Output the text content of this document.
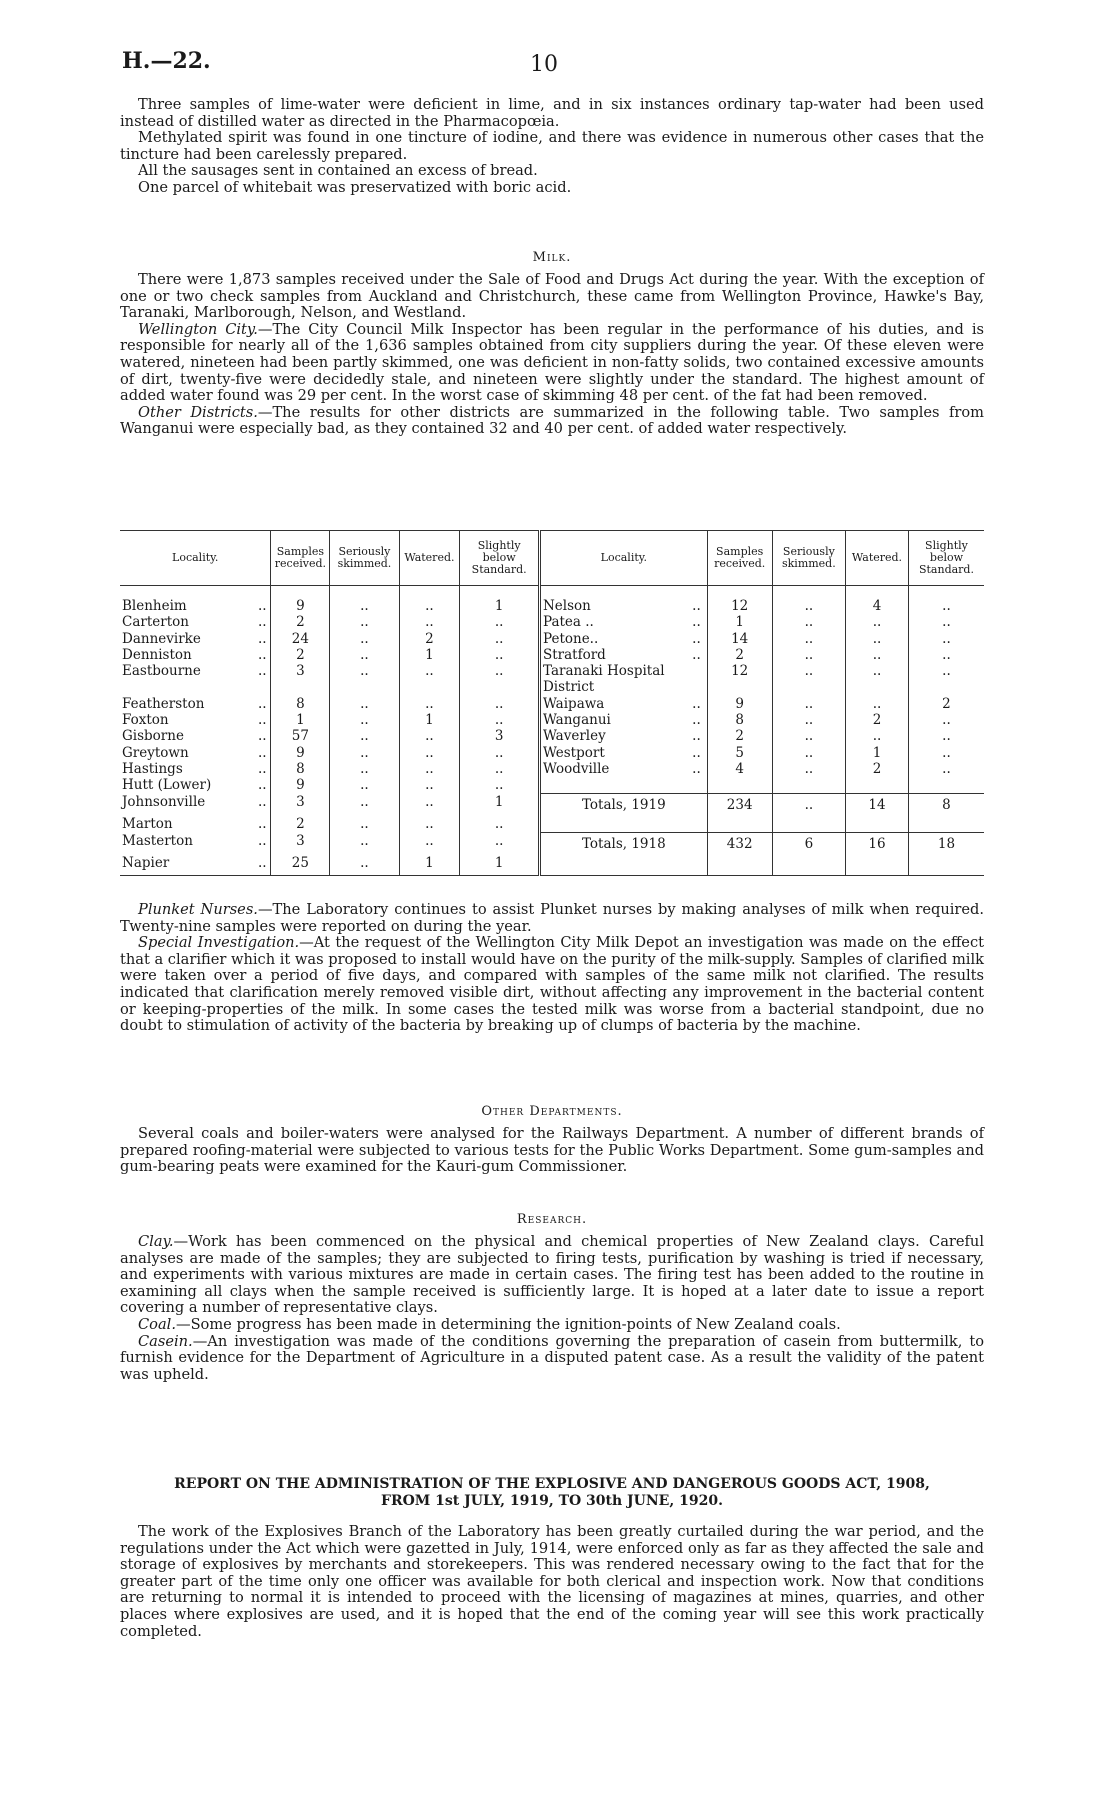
H.—22.	10

Three samples of lime-water were deficient in lime, and in six instances ordinary tap-water had been used instead of distilled water as directed in the Pharmacopœia.

Methylated spirit was found in one tincture of iodine, and there was evidence in numerous other cases that the tincture had been carelessly prepared.

All the sausages sent in contained an excess of bread.

One parcel of whitebait was preservatized with boric acid.

Milk.

There were 1,873 samples received under the Sale of Food and Drugs Act during the year. With the exception of one or two check samples from Auckland and Christchurch, these came from Wellington Province, Hawke's Bay, Taranaki, Marlborough, Nelson, and Westland.

Wellington City.—The City Council Milk Inspector has been regular in the performance of his duties, and is responsible for nearly all of the 1,636 samples obtained from city suppliers during the year. Of these eleven were watered, nineteen had been partly skimmed, one was deficient in non-fatty solids, two contained excessive amounts of dirt, twenty-five were decidedly stale, and nineteen were slightly under the standard. The highest amount of added water found was 29 per cent. In the worst case of skimming 48 per cent. of the fat had been removed.

Other Districts.—The results for other districts are summarized in the following table. Two samples from Wanganui were especially bad, as they contained 32 and 40 per cent. of added water respectively.

Locality.		Samples received.	Seriously skimmed.	Watered.	Slightly below Standard.	Locality.		Samples received.	Seriously skimmed.	Watered.	Slightly below Standard.
Blenheim	..	9	..	..	1	Nelson	..	12	..	4	..
Carterton	..	2	..	..	..	Patea ..	..	1	..	..	..
Dannevirke	..	24	..	2	..	Petone..	..	14	..	..	..
Denniston	..	2	..	1	..	Stratford	..	2	..	..	..
Eastbourne	..	3	..	..	..	Taranaki Hospital District		12	..	..	..
Featherston	..	8	..	..	..	Waipawa	..	9	..	..	2
Foxton	..	1	..	1	..	Wanganui	..	8	..	2	..
Gisborne	..	57	..	..	3	Waverley	..	2	..	..	..
Greytown	..	9	..	..	..	Westport	..	5	..	1	..
Hastings	..	8	..	..	..	Woodville	..	4	..	2	..
Hutt (Lower)	..	9	..	..	..						
Johnsonville	..	3	..	..	1	Totals, 1919		234	..	14	8
Marton	..	2	..	..	..						
Masterton	..	3	..	..	..	Totals, 1918		432	6	16	18
Napier	..	25	..	1	1						

Plunket Nurses.—The Laboratory continues to assist Plunket nurses by making analyses of milk when required. Twenty-nine samples were reported on during the year.

Special Investigation.—At the request of the Wellington City Milk Depot an investigation was made on the effect that a clarifier which it was proposed to install would have on the purity of the milk-supply. Samples of clarified milk were taken over a period of five days, and compared with samples of the same milk not clarified. The results indicated that clarification merely removed visible dirt, without affecting any improvement in the bacterial content or keeping-properties of the milk. In some cases the tested milk was worse from a bacterial standpoint, due no doubt to stimulation of activity of the bacteria by breaking up of clumps of bacteria by the machine.

Other Departments.

Several coals and boiler-waters were analysed for the Railways Department. A number of different brands of prepared roofing-material were subjected to various tests for the Public Works Department. Some gum-samples and gum-bearing peats were examined for the Kauri-gum Commissioner.

Research.

Clay.—Work has been commenced on the physical and chemical properties of New Zealand clays. Careful analyses are made of the samples; they are subjected to firing tests, purification by washing is tried if necessary, and experiments with various mixtures are made in certain cases. The firing test has been added to the routine in examining all clays when the sample received is sufficiently large. It is hoped at a later date to issue a report covering a number of representative clays.

Coal.—Some progress has been made in determining the ignition-points of New Zealand coals.

Casein.—An investigation was made of the conditions governing the preparation of casein from buttermilk, to furnish evidence for the Department of Agriculture in a disputed patent case. As a result the validity of the patent was upheld.

REPORT ON THE ADMINISTRATION OF THE EXPLOSIVE AND DANGEROUS GOODS ACT, 1908,
FROM 1st JULY, 1919, TO 30th JUNE, 1920.

The work of the Explosives Branch of the Laboratory has been greatly curtailed during the war period, and the regulations under the Act which were gazetted in July, 1914, were enforced only as far as they affected the sale and storage of explosives by merchants and storekeepers. This was rendered necessary owing to the fact that for the greater part of the time only one officer was available for both clerical and inspection work. Now that conditions are returning to normal it is intended to proceed with the licensing of magazines at mines, quarries, and other places where explosives are used, and it is hoped that the end of the coming year will see this work practically completed.
